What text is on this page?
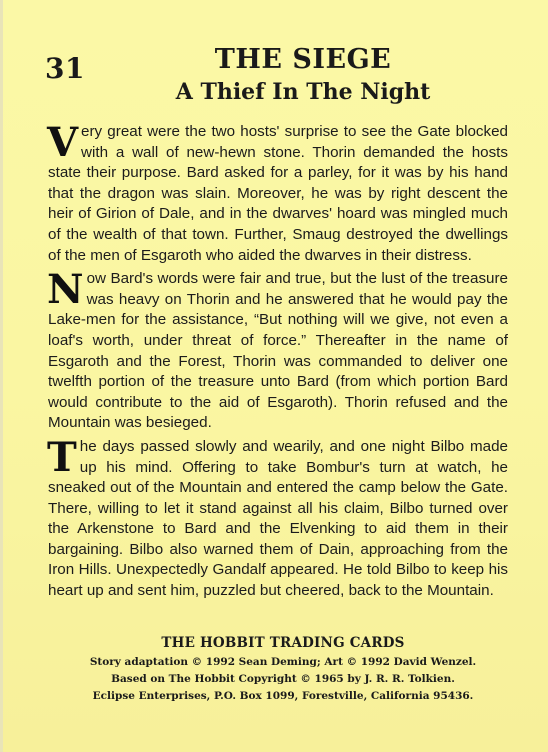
31	THE SIEGE
A Thief In The Night

Very great were the two hosts' surprise to see the Gate blocked with a wall of new-hewn stone. Thorin demanded the hosts state their purpose. Bard asked for a parley, for it was by his hand that the dragon was slain. Moreover, he was by right descent the heir of Girion of Dale, and in the dwarves' hoard was mingled much of the wealth of that town. Further, Smaug destroyed the dwellings of the men of Esgaroth who aided the dwarves in their distress.

Now Bard's words were fair and true, but the lust of the treasure was heavy on Thorin and he answered that he would pay the Lake-men for the assistance, “But nothing will we give, not even a loaf's worth, under threat of force.” Thereafter in the name of Esgaroth and the Forest, Thorin was commanded to deliver one twelfth portion of the treasure unto Bard (from which portion Bard would contribute to the aid of Esgaroth). Thorin refused and the Mountain was besieged.

The days passed slowly and wearily, and one night Bilbo made up his mind. Offering to take Bombur's turn at watch, he sneaked out of the Mountain and entered the camp below the Gate. There, willing to let it stand against all his claim, Bilbo turned over the Arkenstone to Bard and the Elvenking to aid them in their bargaining. Bilbo also warned them of Dain, approaching from the Iron Hills. Unexpectedly Gandalf appeared. He told Bilbo to keep his heart up and sent him, puzzled but cheered, back to the Mountain.

THE HOBBIT TRADING CARDS
Story adaptation © 1992 Sean Deming; Art © 1992 David Wenzel.
Based on The Hobbit Copyright © 1965 by J. R. R. Tolkien.
Eclipse Enterprises, P.O. Box 1099, Forestville, California 95436.
